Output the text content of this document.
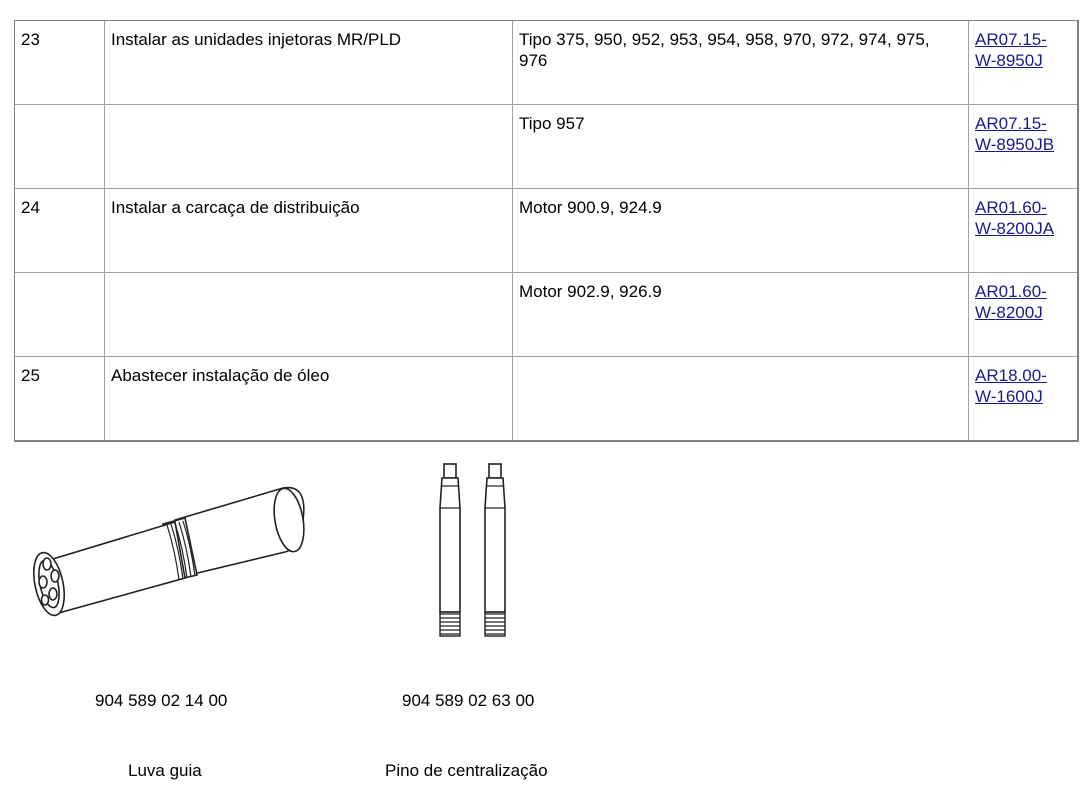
23	Instalar as unidades injetoras MR/PLD	Tipo 375, 950, 952, 953, 954, 958, 970, 972, 974, 975, 976	AR07.15-
W-8950J
		Tipo 957	AR07.15-
W-8950JB
24	Instalar a carcaça de distribuição	Motor 900.9, 924.9	AR01.60-
W-8200JA
		Motor 902.9, 926.9	AR01.60-
W-8200J
25	Abastecer instalação de óleo		AR18.00-
W-1600J
904 589 02 14 00	904 589 02 63 00
Luva guia	Pino de centralização
